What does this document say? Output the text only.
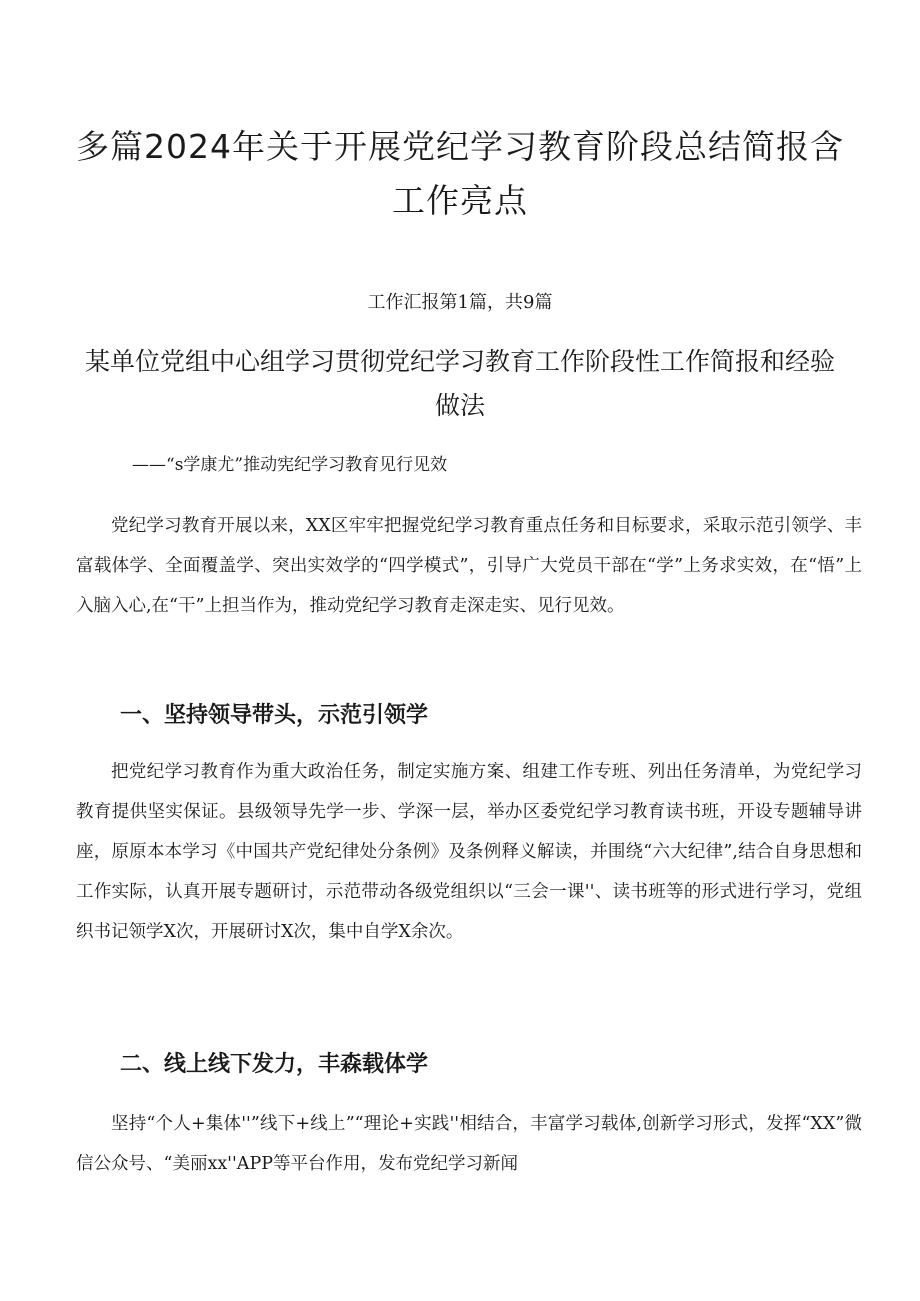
多篇2024年关于开展党纪学习教育阶段总结简报含工作亮点

工作汇报第1篇，共9篇

某单位党组中心组学习贯彻党纪学习教育工作阶段性工作简报和经验做法

——“s学康尤”推动宪纪学习教育见行见效

党纪学习教育开展以来，XX区牢牢把握党纪学习教育重点任务和目标要求，采取示范引领学、丰富载体学、全面覆盖学、突出实效学的“四学模式”，引导广大党员干部在“学”上务求实效，在“悟”上入脑入心,在“干”上担当作为，推动党纪学习教育走深走实、见行见效。

一、坚持领导带头，示范引领学

把党纪学习教育作为重大政治任务，制定实施方案、组建工作专班、列出任务清单，为党纪学习教育提供坚实保证。县级领导先学一步、学深一层，举办区委党纪学习教育读书班，开设专题辅导讲座，原原本本学习《中国共产党纪律处分条例》及条例释义解读，并围绕“六大纪律”,结合自身思想和工作实际，认真开展专题研讨，示范带动各级党组织以“三会一课''、读书班等的形式进行学习，党组织书记领学X次，开展研讨X次，集中自学X余次。

二、线上线下发力，丰森载体学

坚持“个人+集体''”线下+线上”“理论+实践''相结合，丰富学习载体,创新学习形式，发挥“XX”微信公众号、“美丽xx''APP等平台作用，发布党纪学习新闻
